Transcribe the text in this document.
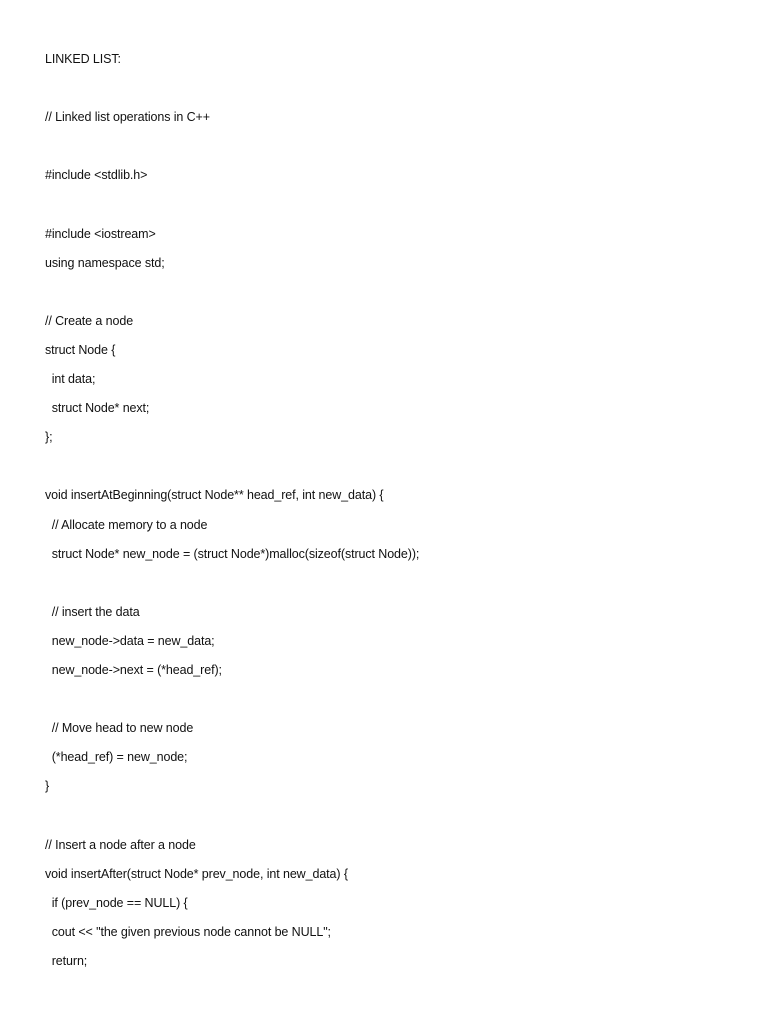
LINKED LIST:
// Linked list operations in C++
#include <stdlib.h>
#include <iostream>
using namespace std;
// Create a node
struct Node {
int data;
struct Node* next;
};
void insertAtBeginning(struct Node** head_ref, int new_data) {
// Allocate memory to a node
struct Node* new_node = (struct Node*)malloc(sizeof(struct Node));
// insert the data
new_node->data = new_data;
new_node->next = (*head_ref);
// Move head to new node
(*head_ref) = new_node;
}
// Insert a node after a node
void insertAfter(struct Node* prev_node, int new_data) {
if (prev_node == NULL) {
cout << "the given previous node cannot be NULL";
return;
